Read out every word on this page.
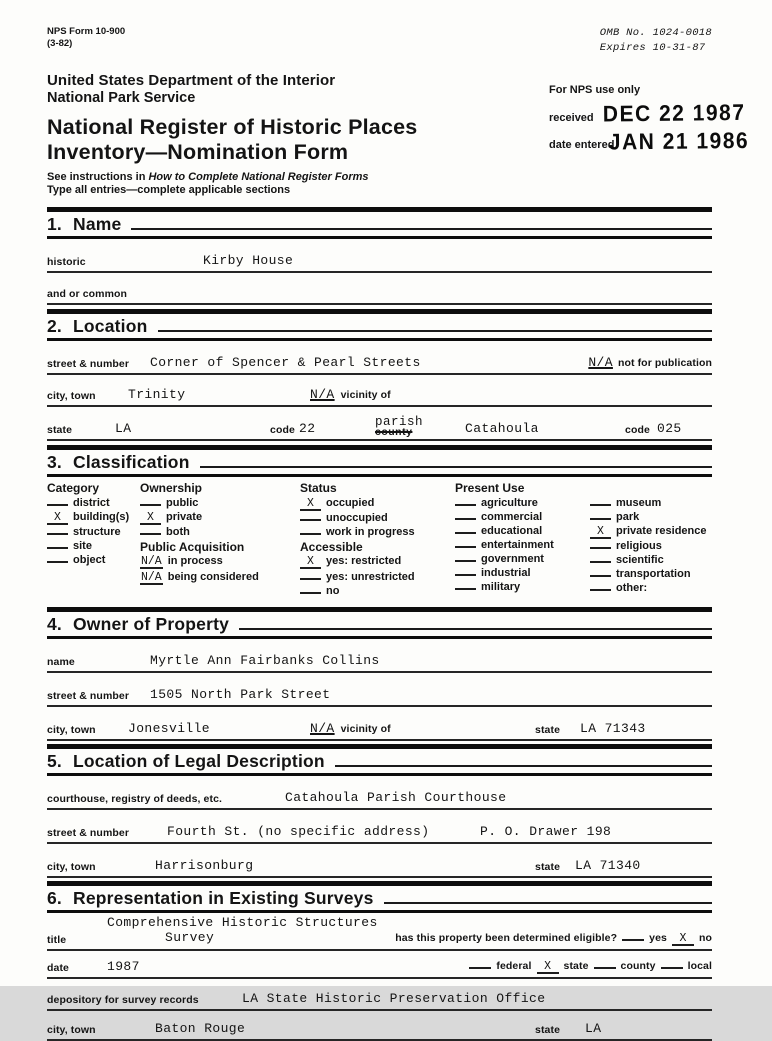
NPS Form 10-900
(3-82)
OMB No. 1024-0018
Expires 10-31-87
United States Department of the Interior
National Park Service
National Register of Historic Places
Inventory—Nomination Form
For NPS use only
received DEC 22 1987
date entered
JAN 21 1986
See instructions in How to Complete National Register Forms
Type all entries—complete applicable sections
1. Name
historic	Kirby House
and or common
2. Location
street & number Corner of Spencer & Pearl Streets	N/A not for publication
city, town Trinity	N/A vicinity of
state	LA	code 22	parish
county	Catahoula	code 025
3. Classification
Category
district
X	building(s)
structure
site
object
Ownership
public
X	private
both
Public Acquisition
N/A in process
N/A being considered
Status
X	occupied
unoccupied
work in progress
Accessible
X	yes: restricted
yes: unrestricted
no
Present Use
agriculture
commercial
educational
entertainment
government
industrial
military
museum
park
X	private residence
religious
scientific
transportation
other:
4. Owner of Property
name	Myrtle Ann Fairbanks Collins
street & number 1505 North Park Street
city, town Jonesville	N/A vicinity of	state LA 71343
5. Location of Legal Description
courthouse, registry of deeds, etc.	Catahoula Parish Courthouse
street & number	Fourth St. (no specific address)	P. O. Drawer 198
city, town	Harrisonburg	state LA 71340
6. Representation in Existing Surveys
title
Comprehensive Historic Structures
Survey	has this property been determined eligible?	yes	X	no
date	1987	federal	X	state	county	local
depository for survey records	LA State Historic Preservation Office
city, town	Baton Rouge	state LA
